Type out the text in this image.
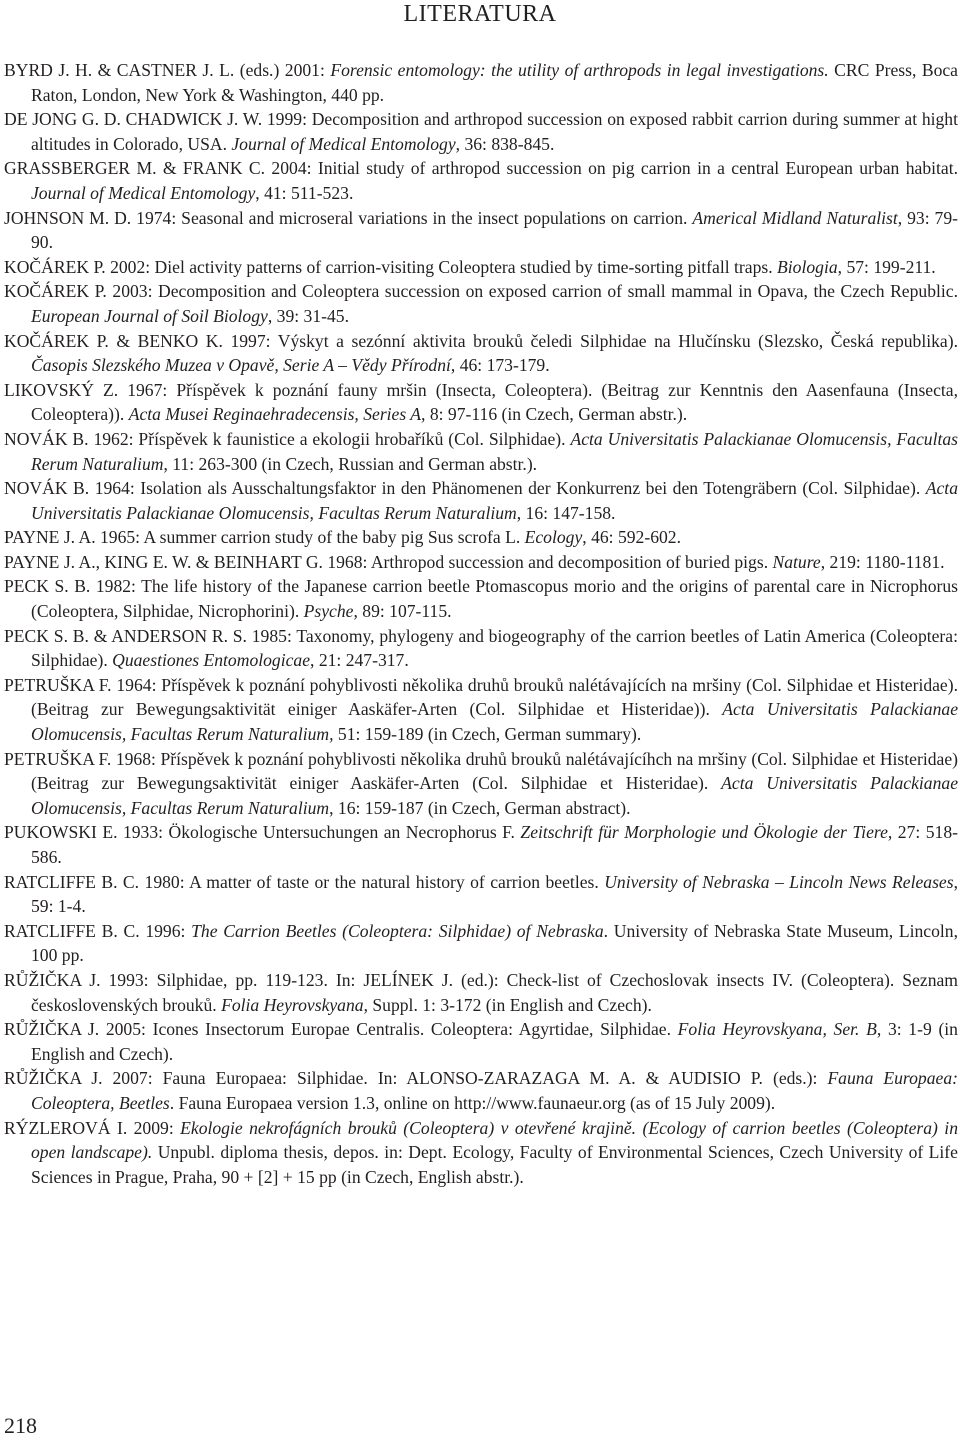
LITERATURA
BYRD J. H. & CASTNER J. L. (eds.) 2001: Forensic entomology: the utility of arthropods in legal investigations. CRC Press, Boca Raton, London, New York & Washington, 440 pp.
DE JONG G. D. CHADWICK J. W. 1999: Decomposition and arthropod succession on exposed rabbit carrion during summer at hight altitudes in Colorado, USA. Journal of Medical Entomology, 36: 838-845.
GRASSBERGER M. & FRANK C. 2004: Initial study of arthropod succession on pig carrion in a central European urban habitat. Journal of Medical Entomology, 41: 511-523.
JOHNSON M. D. 1974: Seasonal and microseral variations in the insect populations on carrion. Americal Midland Naturalist, 93: 79-90.
KOČÁREK P. 2002: Diel activity patterns of carrion-visiting Coleoptera studied by time-sorting pitfall traps. Biologia, 57: 199-211.
KOČÁREK P. 2003: Decomposition and Coleoptera succession on exposed carrion of small mammal in Opava, the Czech Republic. European Journal of Soil Biology, 39: 31-45.
KOČÁREK P. & BENKO K. 1997: Výskyt a sezónní aktivita brouků čeledi Silphidae na Hlučínsku (Slezsko, Česká republika). Časopis Slezského Muzea v Opavě, Serie A – Vědy Přírodní, 46: 173-179.
LIKOVSKÝ Z. 1967: Příspěvek k poznání fauny mršin (Insecta, Coleoptera). (Beitrag zur Kenntnis den Aasenfauna (Insecta, Coleoptera)). Acta Musei Reginaehradecensis, Series A, 8: 97-116 (in Czech, German abstr.).
NOVÁK B. 1962: Příspěvek k faunistice a ekologii hrobaříků (Col. Silphidae). Acta Universitatis Palackianae Olomucensis, Facultas Rerum Naturalium, 11: 263-300 (in Czech, Russian and German abstr.).
NOVÁK B. 1964: Isolation als Ausschaltungsfaktor in den Phänomenen der Konkurrenz bei den Totengräbern (Col. Silphidae). Acta Universitatis Palackianae Olomucensis, Facultas Rerum Naturalium, 16: 147-158.
PAYNE J. A. 1965: A summer carrion study of the baby pig Sus scrofa L. Ecology, 46: 592-602.
PAYNE J. A., KING E. W. & BEINHART G. 1968: Arthropod succession and decomposition of buried pigs. Nature, 219: 1180-1181.
PECK S. B. 1982: The life history of the Japanese carrion beetle Ptomascopus morio and the origins of parental care in Nicrophorus (Coleoptera, Silphidae, Nicrophorini). Psyche, 89: 107-115.
PECK S. B. & ANDERSON R. S. 1985: Taxonomy, phylogeny and biogeography of the carrion beetles of Latin America (Coleoptera: Silphidae). Quaestiones Entomologicae, 21: 247-317.
PETRUŠKA F. 1964: Příspěvek k poznání pohyblivosti několika druhů brouků nalétávajících na mršiny (Col. Silphidae et Histeridae). (Beitrag zur Bewegungsaktivität einiger Aaskäfer-Arten (Col. Silphidae et Histeridae)). Acta Universitatis Palackianae Olomucensis, Facultas Rerum Naturalium, 51: 159-189 (in Czech, German summary).
PETRUŠKA F. 1968: Příspěvek k poznání pohyblivosti několika druhů brouků nalétávajícíhch na mršiny (Col. Silphidae et Histeridae) (Beitrag zur Bewegungsaktivität einiger Aaskäfer-Arten (Col. Silphidae et Histeridae). Acta Universitatis Palackianae Olomucensis, Facultas Rerum Naturalium, 16: 159-187 (in Czech, German abstract).
PUKOWSKI E. 1933: Ökologische Untersuchungen an Necrophorus F. Zeitschrift für Morphologie und Ökologie der Tiere, 27: 518-586.
RATCLIFFE B. C. 1980: A matter of taste or the natural history of carrion beetles. University of Nebraska – Lincoln News Releases, 59: 1-4.
RATCLIFFE B. C. 1996: The Carrion Beetles (Coleoptera: Silphidae) of Nebraska. University of Nebraska State Museum, Lincoln, 100 pp.
RŮŽIČKA J. 1993: Silphidae, pp. 119-123. In: JELÍNEK J. (ed.): Check-list of Czechoslovak insects IV. (Coleoptera). Seznam československých brouků. Folia Heyrovskyana, Suppl. 1: 3-172 (in English and Czech).
RŮŽIČKA J. 2005: Icones Insectorum Europae Centralis. Coleoptera: Agyrtidae, Silphidae. Folia Heyrovskyana, Ser. B, 3: 1-9 (in English and Czech).
RŮŽIČKA J. 2007: Fauna Europaea: Silphidae. In: ALONSO-ZARAZAGA M. A. & AUDISIO P. (eds.): Fauna Europaea: Coleoptera, Beetles. Fauna Europaea version 1.3, online on http://www.faunaeur.org (as of 15 July 2009).
RÝZLEROVÁ I. 2009: Ekologie nekrofágních brouků (Coleoptera) v otevřené krajině. (Ecology of carrion beetles (Coleoptera) in open landscape). Unpubl. diploma thesis, depos. in: Dept. Ecology, Faculty of Environmental Sciences, Czech University of Life Sciences in Prague, Praha, 90 + [2] + 15 pp (in Czech, English abstr.).
218
